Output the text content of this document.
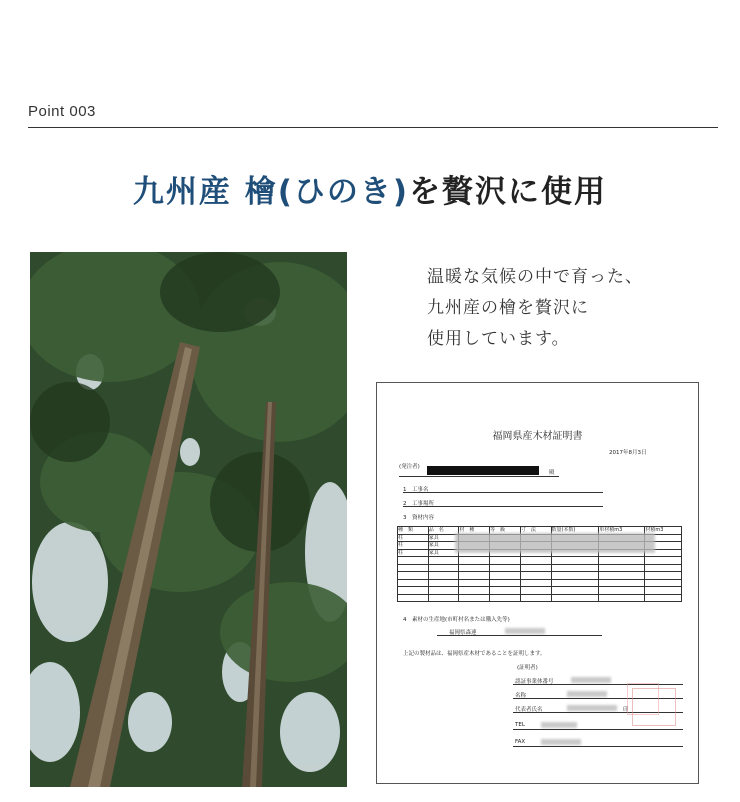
Point 003
九州産 檜(ひのき)を贅沢に使用
温暖な気候の中で育った、
九州産の檜を贅沢に
使用しています。
福岡県産木材証明書
2017年8月3日
(発注者)
殿
1　工事名
2　工事場所
3　資材内容
種　類	品　名	材　種	等　級	寸　法	数量(本数)	単材積m3	材積m3
柱	家具						
柱	家具						
柱	家具						

4　素材の生産地(市町村名または購入先等)
福岡県森連
上記の製材品は、福岡県産木材であることを証明します。
(証明者)
認証事業体番号
名称
代表者氏名	印
TEL
FAX
